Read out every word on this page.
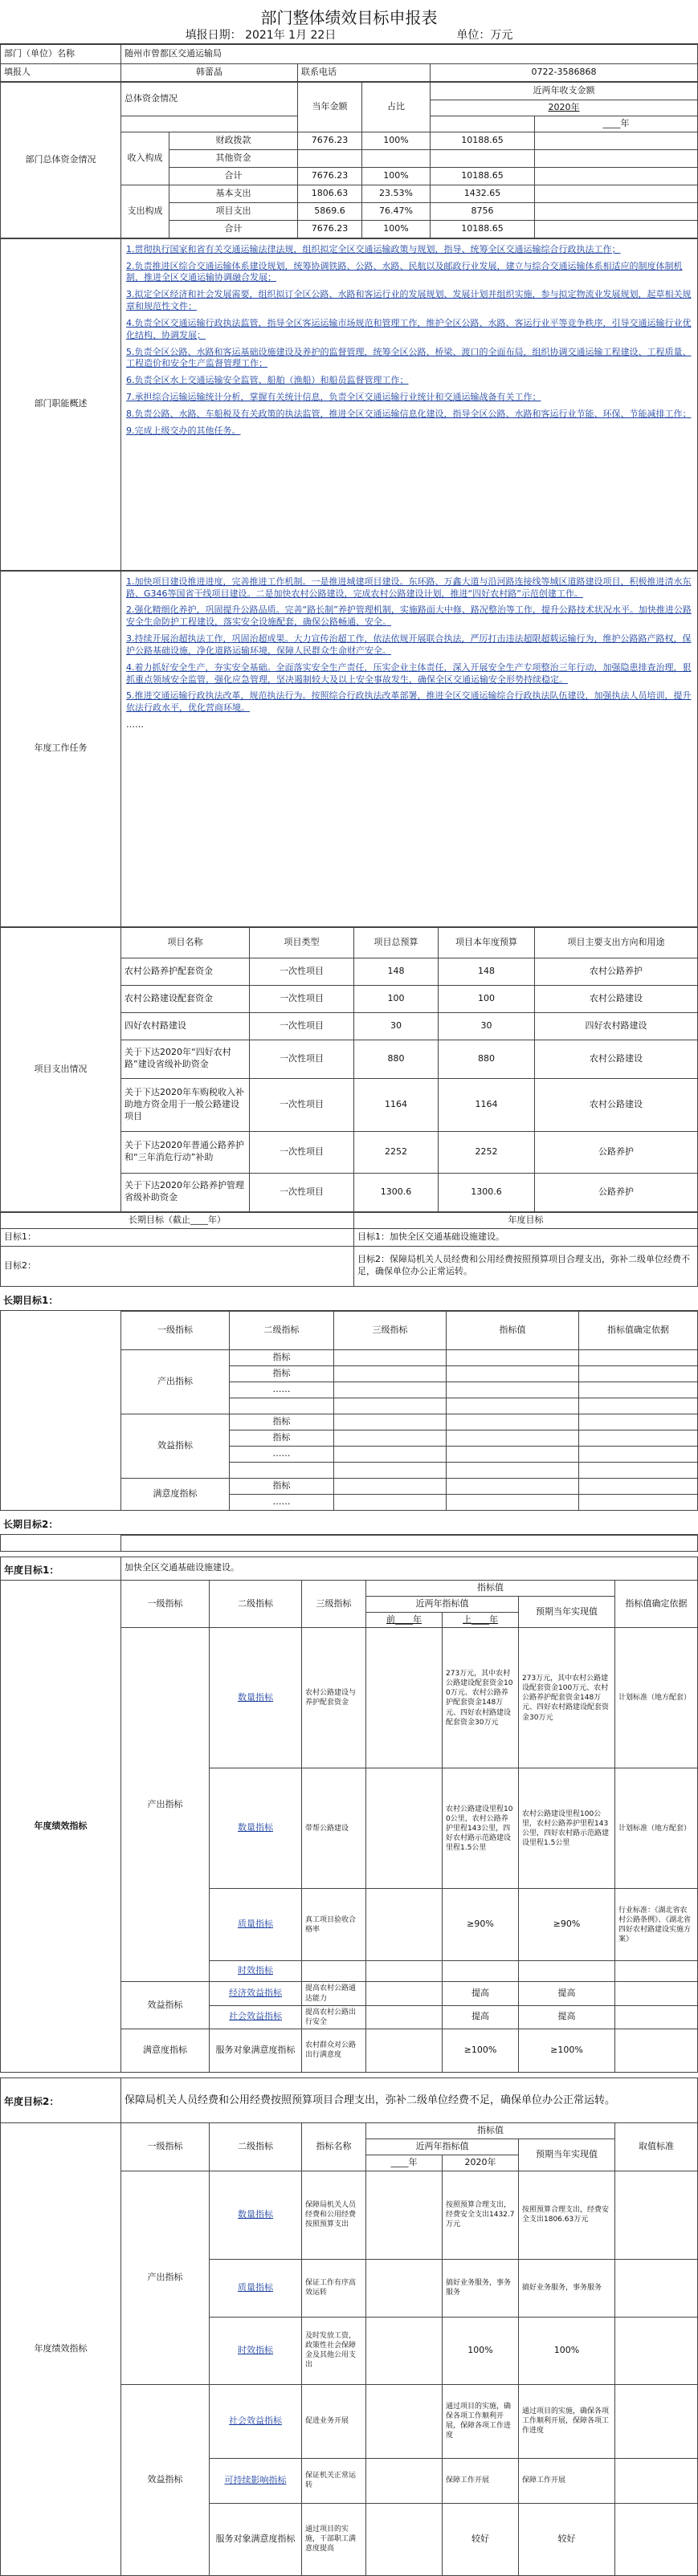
部门整体绩效目标申报表
填报日期： 2021年 1月 22日	单位：万元
部门（单位）名称	随州市曾都区交通运输局		
填报人	韩蕾晶	联系电话	0722-3586868
部门总体资金情况	总体资金情况		当年金额	占比	近两年收支金额	
					2020年	
						____年
	收入构成	财政拨款	7676.23	100%	10188.65	
		其他资金				
		合计	7676.23	100%	10188.65	
	支出构成	基本支出	1806.63	23.53%	1432.65	
		项目支出	5869.6	76.47%	8756	
		合计	7676.23	100%	10188.65	
部门职能概述	

1.贯彻执行国家和省有关交通运输法律法规，组织拟定全区交通运输政策与规划，指导、统筹全区交通运输综合行政执法工作；

2.负责推进区综合交通运输体系建设规划，统筹协调铁路、公路、水路、民航以及邮政行业发展，建立与综合交通运输体系相适应的制度体制机制，推进全区交通运输协调融合发展；

3.拟定全区经济和社会发展需要，组织拟订全区公路、水路和客运行业的发展规划、发展计划并组织实施，参与拟定物流业发展规划，起草相关规章和规范性文件；

4.负责全区交通运输行政执法监管，指导全区客运运输市场规范和管理工作，维护全区公路、水路、客运行业平等竞争秩序，引导交通运输行业优化结构、协调发展；

5.负责全区公路、水路和客运基础设施建设及养护的监督管理，统筹全区公路、桥梁、渡口的全面布局，组织协调交通运输工程建设、工程质量、工程造价和安全生产监督管理工作；

6.负责全区水上交通运输安全监管、船舶（渔船）和船员监督管理工作；

7.承担综合运输运输统计分析，掌握有关统计信息，负责全区交通运输行业统计和交通运输战备有关工作；

8.负责公路、水路、车船税及有关政策的执法监管，推进全区交通运输信息化建设，指导全区公路、水路和客运行业节能、环保、节能减排工作；

9.完成上级交办的其他任务。

年度工作任务	

1.加快项目建设推进进度，完善推进工作机制。一是推进城建项目建设。东环路、万鑫大道与沿河路连接线等城区道路建设项目，积极推进清水东路、G346等国省干线项目建设。二是加快农村公路建设，完成农村公路建设计划，推进“四好农村路”示范创建工作。

2.强化精细化养护，巩固提升公路品质。完善“路长制”养护管理机制，实施路面大中修、路况整治等工作，提升公路技术状况水平。加快推进公路安全生命防护工程建设，落实安全设施配套，确保公路畅通、安全。

3.持续开展治超执法工作，巩固治超成果。大力宣传治超工作，依法依规开展联合执法，严厉打击违法超限超载运输行为，维护公路路产路权，保护公路基础设施，净化道路运输环境，保障人民群众生命财产安全。

4.着力抓好安全生产，夯实安全基础。全面落实安全生产责任，压实企业主体责任，深入开展安全生产专项整治三年行动，加强隐患排查治理，狠抓重点领域安全监管，强化应急管理，坚决遏制较大及以上安全事故发生，确保全区交通运输安全形势持续稳定。

5.推进交通运输行政执法改革，规范执法行为。按照综合行政执法改革部署，推进全区交通运输综合行政执法队伍建设，加强执法人员培训，提升依法行政水平，优化营商环境。

……

项目支出情况	项目名称	项目类型	项目总预算	项目本年度预算	项目主要支出方向和用途
	农村公路养护配套资金	一次性项目	148	148	农村公路养护
	农村公路建设配套资金	一次性项目	100	100	农村公路建设
	四好农村路建设	一次性项目	30	30	四好农村路建设
	关于下达2020年“四好农村路”建设省级补助资金	一次性项目	880	880	农村公路建设
	关于下达2020年车购税收入补助地方资金用于一般公路建设项目	一次性项目	1164	1164	农村公路建设
	关于下达2020年普通公路养护和“三年消危行动”补助	一次性项目	2252	2252	公路养护
	关于下达2020年公路养护管理省级补助资金	一次性项目	1300.6	1300.6	公路养护
长期目标（截止____年）	年度目标
目标1：	目标1：加快全区交通基础设施建设。
目标2：	目标2：保障局机关人员经费和公用经费按照预算项目合理支出，弥补二级单位经费不足，确保单位办公正常运转。
长期目标1：
	一级指标	二级指标	三级指标	指标值	指标值确定依据
	产出指标	指标			
		指标			
		……			

	效益指标	指标			
		指标			
		……			

	满意度指标	指标			
		……			
长期目标2：

年度目标1：	加快全区交通基础设施建设。						
年度绩效指标	一级指标	二级指标	三级指标	指标值			指标值确定依据
				近两年指标值		预期当年实现值	
				前____年	上____年		
	产出指标	数量指标	农村公路建设与养护配套资金		273万元，其中农村公路建设配套资金100万元、农村公路养护配套资金148万元、四好农村路建设配套资金30万元	273万元，其中农村公路建设配套资金100万元、农村公路养护配套资金148万元、四好农村路建设配套资金30万元	计划标准（地方配套）
		数量指标	带帮公路建设		农村公路建设里程100公里，农村公路养护里程143公里，四好农村路示范路建设里程1.5公里	农村公路建设里程100公里，农村公路养护里程143公里，四好农村路示范路建设里程1.5公里	计划标准（地方配套）
		质量指标	真工项目验收合格率		≥90%	≥90%	行业标准：《湖北省农村公路条例》、《湖北省四好农村路建设实施方案》
		时效指标					
	效益指标	经济效益指标	提高农村公路通达能力		提高	提高	
		社会效益指标	提高农村公路出行安全		提高	提高	
	满意度指标	服务对象满意度指标	农村群众对公路出行满意度		≥100%	≥100%	
年度目标2：	保障局机关人员经费和公用经费按照预算项目合理支出，弥补二级单位经费不足，确保单位办公正常运转。						
年度绩效指标	一级指标	二级指标	指标名称	指标值			取值标准
				近两年指标值		预期当年实现值	
				____年	2020年		
	产出指标	数量指标	保障局机关人员经费和公用经费按照预算支出		按照预算合理支出，经费安全支出1432.7万元	按照预算合理支出，经费安全支出1806.63万元	
		质量指标	保证工作有序高效运转		搞好业务服务，事务服务	搞好业务服务，事务服务	
		时效指标	及时发放工资，政策性社会保障金及其他公用支出		100%	100%	
	效益指标	社会效益指标	促进业务开展		通过项目的实施，确保各项工作顺利开展，保障各项工作进度	通过项目的实施，确保各项工作顺利开展，保障各项工作进度	
		可持续影响指标	保证机关正常运转		保障工作开展	保障工作开展	
		服务对象满意度指标	通过项目的实施，干部职工满意度提高		较好	较好	
